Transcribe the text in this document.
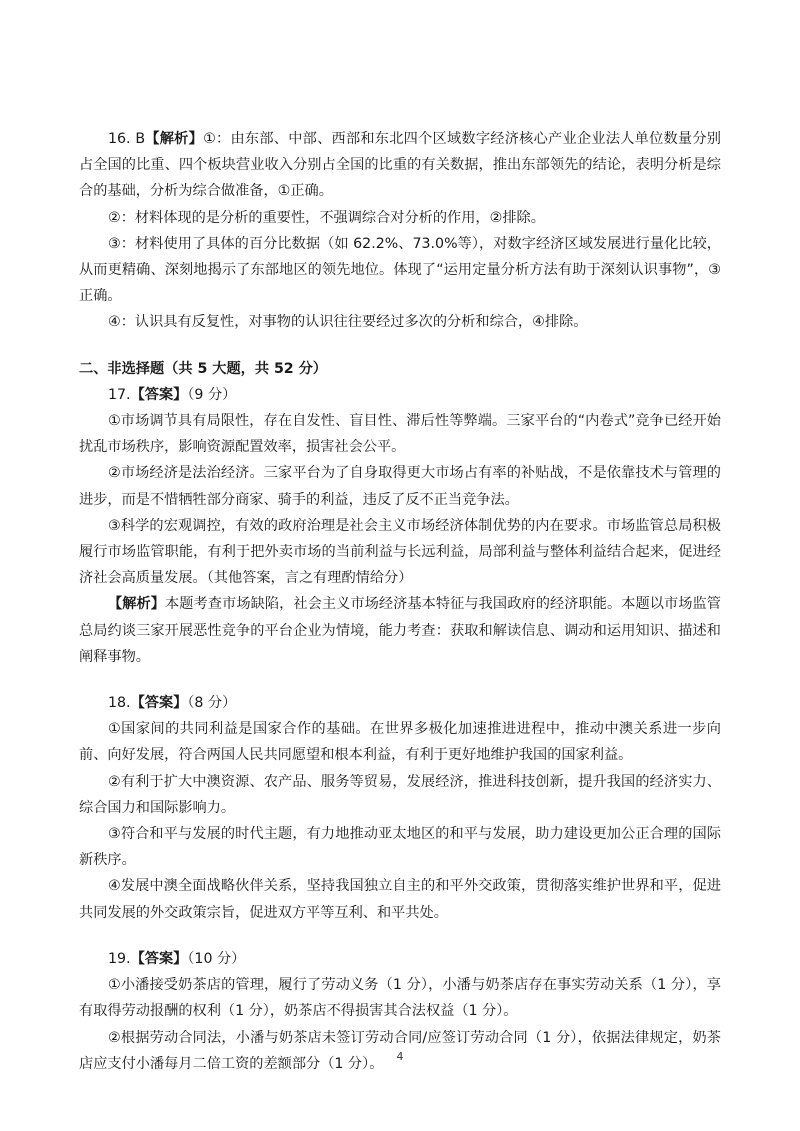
16. B【解析】①：由东部、中部、西部和东北四个区域数字经济核心产业企业法人单位数量分别占全国的比重、四个板块营业收入分别占全国的比重的有关数据，推出东部领先的结论，表明分析是综合的基础，分析为综合做准备，①正确。

②：材料体现的是分析的重要性，不强调综合对分析的作用，②排除。

③：材料使用了具体的百分比数据（如 62.2%、73.0%等），对数字经济区域发展进行量化比较，从而更精确、深刻地揭示了东部地区的领先地位。体现了“运用定量分析方法有助于深刻认识事物”，③正确。

④：认识具有反复性，对事物的认识往往要经过多次的分析和综合，④排除。

二、非选择题（共 5 大题，共 52 分）

17.【答案】（9 分）

①市场调节具有局限性，存在自发性、盲目性、滞后性等弊端。三家平台的“内卷式”竞争已经开始扰乱市场秩序，影响资源配置效率，损害社会公平。

②市场经济是法治经济。三家平台为了自身取得更大市场占有率的补贴战，不是依靠技术与管理的进步，而是不惜牺牲部分商家、骑手的利益，违反了反不正当竞争法。

③科学的宏观调控，有效的政府治理是社会主义市场经济体制优势的内在要求。市场监管总局积极履行市场监管职能，有利于把外卖市场的当前利益与长远利益，局部利益与整体利益结合起来，促进经济社会高质量发展。（其他答案，言之有理酌情给分）

【解析】本题考查市场缺陷，社会主义市场经济基本特征与我国政府的经济职能。本题以市场监管总局约谈三家开展恶性竞争的平台企业为情境，能力考查：获取和解读信息、调动和运用知识、描述和阐释事物。

18.【答案】（8 分）

①国家间的共同利益是国家合作的基础。在世界多极化加速推进进程中，推动中澳关系进一步向前、向好发展，符合两国人民共同愿望和根本利益，有利于更好地维护我国的国家利益。

②有利于扩大中澳资源、农产品、服务等贸易，发展经济，推进科技创新，提升我国的经济实力、综合国力和国际影响力。

③符合和平与发展的时代主题，有力地推动亚太地区的和平与发展，助力建设更加公正合理的国际新秩序。

④发展中澳全面战略伙伴关系，坚持我国独立自主的和平外交政策，贯彻落实维护世界和平，促进共同发展的外交政策宗旨，促进双方平等互利、和平共处。

19.【答案】（10 分）

①小潘接受奶茶店的管理，履行了劳动义务（1 分），小潘与奶茶店存在事实劳动关系（1 分），享有取得劳动报酬的权利（1 分），奶茶店不得损害其合法权益（1 分）。

②根据劳动合同法，小潘与奶茶店未签订劳动合同/应签订劳动合同（1 分），依据法律规定，奶茶店应支付小潘每月二倍工资的差额部分（1 分）。	4
